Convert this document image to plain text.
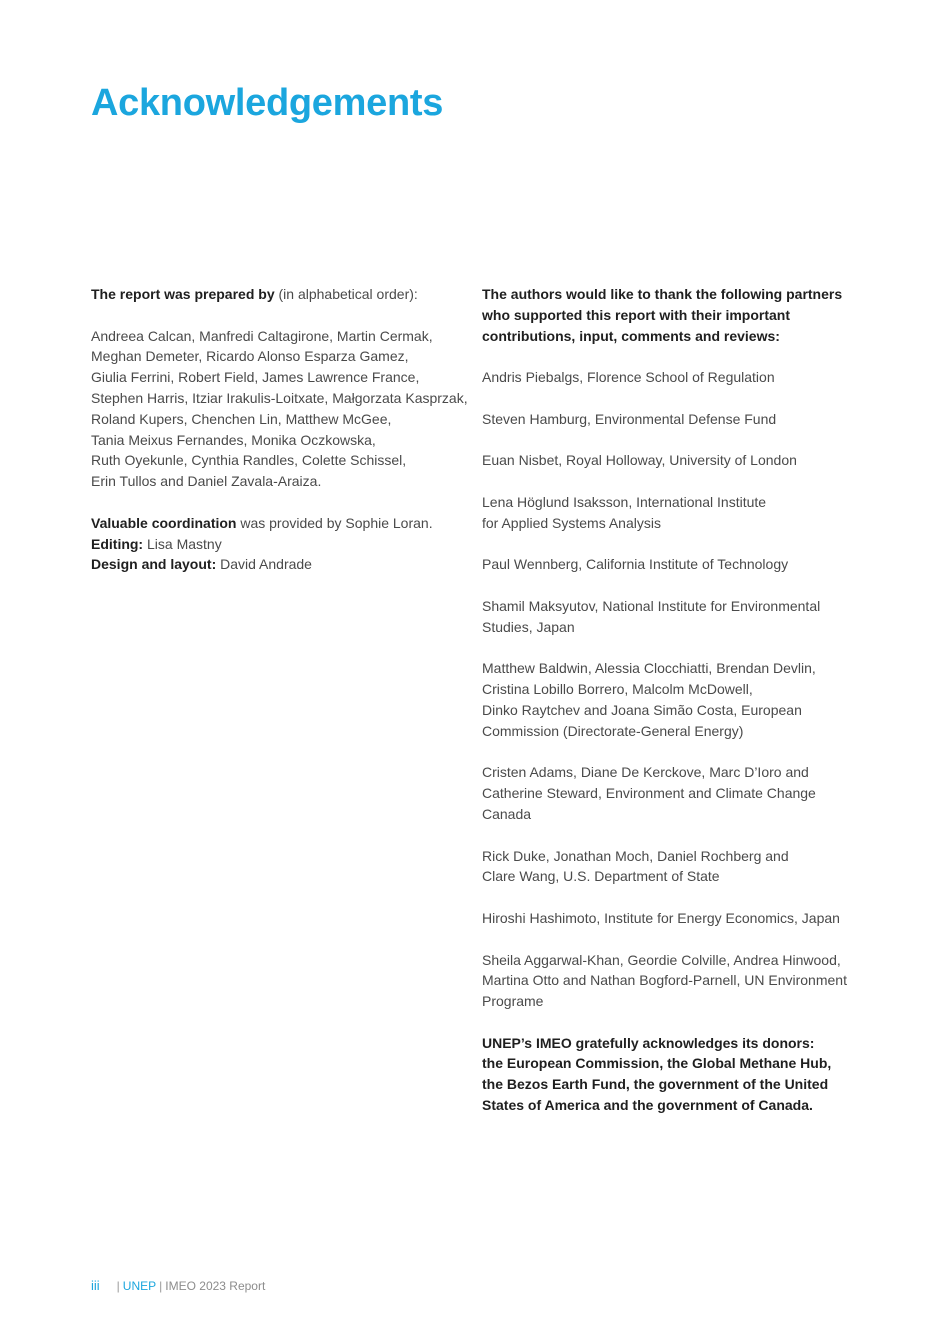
Acknowledgements

The report was prepared by (in alphabetical order):

Andreea Calcan, Manfredi Caltagirone, Martin Cermak,
Meghan Demeter, Ricardo Alonso Esparza Gamez,
Giulia Ferrini, Robert Field, James Lawrence France,
Stephen Harris, Itziar Irakulis-Loitxate, Małgorzata Kasprzak,
Roland Kupers, Chenchen Lin, Matthew McGee,
Tania Meixus Fernandes, Monika Oczkowska,
Ruth Oyekunle, Cynthia Randles, Colette Schissel,
Erin Tullos and Daniel Zavala-Araiza.

Valuable coordination was provided by Sophie Loran.
Editing: Lisa Mastny
Design and layout: David Andrade

The authors would like to thank the following partners
who supported this report with their important
contributions, input, comments and reviews:

Andris Piebalgs, Florence School of Regulation

Steven Hamburg, Environmental Defense Fund

Euan Nisbet, Royal Holloway, University of London

Lena Höglund Isaksson, International Institute
for Applied Systems Analysis

Paul Wennberg, California Institute of Technology

Shamil Maksyutov, National Institute for Environmental
Studies, Japan

Matthew Baldwin, Alessia Clocchiatti, Brendan Devlin,
Cristina Lobillo Borrero, Malcolm McDowell,
Dinko Raytchev and Joana Simão Costa, European
Commission (Directorate-General Energy)

Cristen Adams, Diane De Kerckove, Marc D’Ioro and
Catherine Steward, Environment and Climate Change
Canada

Rick Duke, Jonathan Moch, Daniel Rochberg and
Clare Wang, U.S. Department of State

Hiroshi Hashimoto, Institute for Energy Economics, Japan

Sheila Aggarwal-Khan, Geordie Colville, Andrea Hinwood,
Martina Otto and Nathan Bogford-Parnell, UN Environment
Programe

UNEP’s IMEO gratefully acknowledges its donors:
the European Commission, the Global Methane Hub,
the Bezos Earth Fund, the government of the United
States of America and the government of Canada.

iii | UNEP | IMEO 2023 Report
